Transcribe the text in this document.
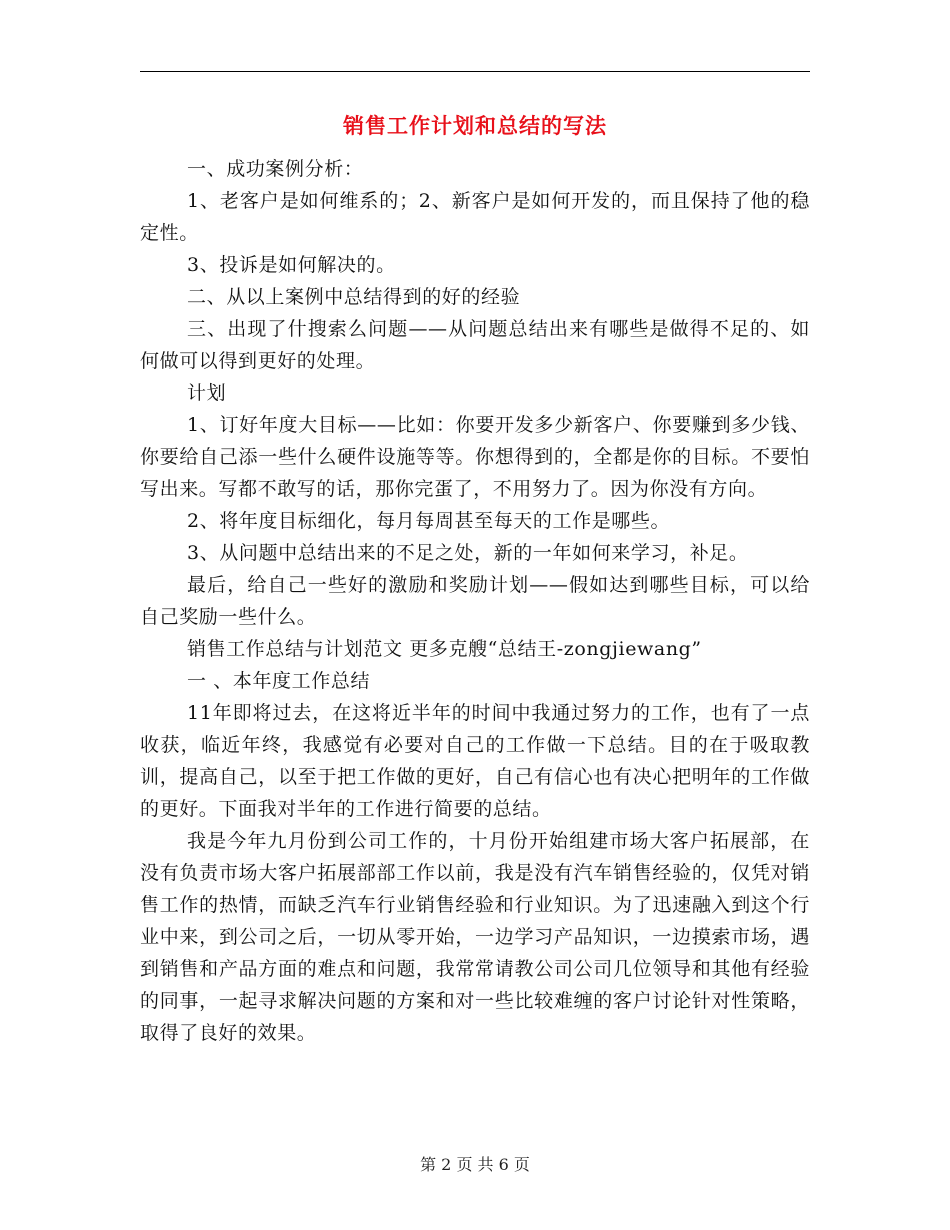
销售工作计划和总结的写法

一、成功案例分析：

1、老客户是如何维系的；2、新客户是如何开发的，而且保持了他的稳定性。

3、投诉是如何解决的。

二、从以上案例中总结得到的好的经验

三、出现了什搜索么问题——从问题总结出来有哪些是做得不足的、如何做可以得到更好的处理。

计划

1、订好年度大目标——比如：你要开发多少新客户、你要赚到多少钱、你要给自己添一些什么硬件设施等等。你想得到的，全都是你的目标。不要怕写出来。写都不敢写的话，那你完蛋了，不用努力了。因为你没有方向。

2、将年度目标细化，每月每周甚至每天的工作是哪些。

3、从问题中总结出来的不足之处，新的一年如何来学习，补足。

最后，给自己一些好的激励和奖励计划——假如达到哪些目标，可以给自己奖励一些什么。

销售工作总结与计划范文 更多克艘“总结王-zongjiewang”

一 、本年度工作总结

11年即将过去，在这将近半年的时间中我通过努力的工作，也有了一点收获，临近年终，我感觉有必要对自己的工作做一下总结。目的在于吸取教训，提高自己，以至于把工作做的更好，自己有信心也有决心把明年的工作做的更好。下面我对半年的工作进行简要的总结。

我是今年九月份到公司工作的，十月份开始组建市场大客户拓展部，在没有负责市场大客户拓展部部工作以前，我是没有汽车销售经验的，仅凭对销售工作的热情，而缺乏汽车行业销售经验和行业知识。为了迅速融入到这个行业中来，到公司之后，一切从零开始，一边学习产品知识，一边摸索市场，遇到销售和产品方面的难点和问题，我常常请教公司公司几位领导和其他有经验的同事，一起寻求解决问题的方案和对一些比较难缠的客户讨论针对性策略，取得了良好的效果。

第 2 页 共 6 页
